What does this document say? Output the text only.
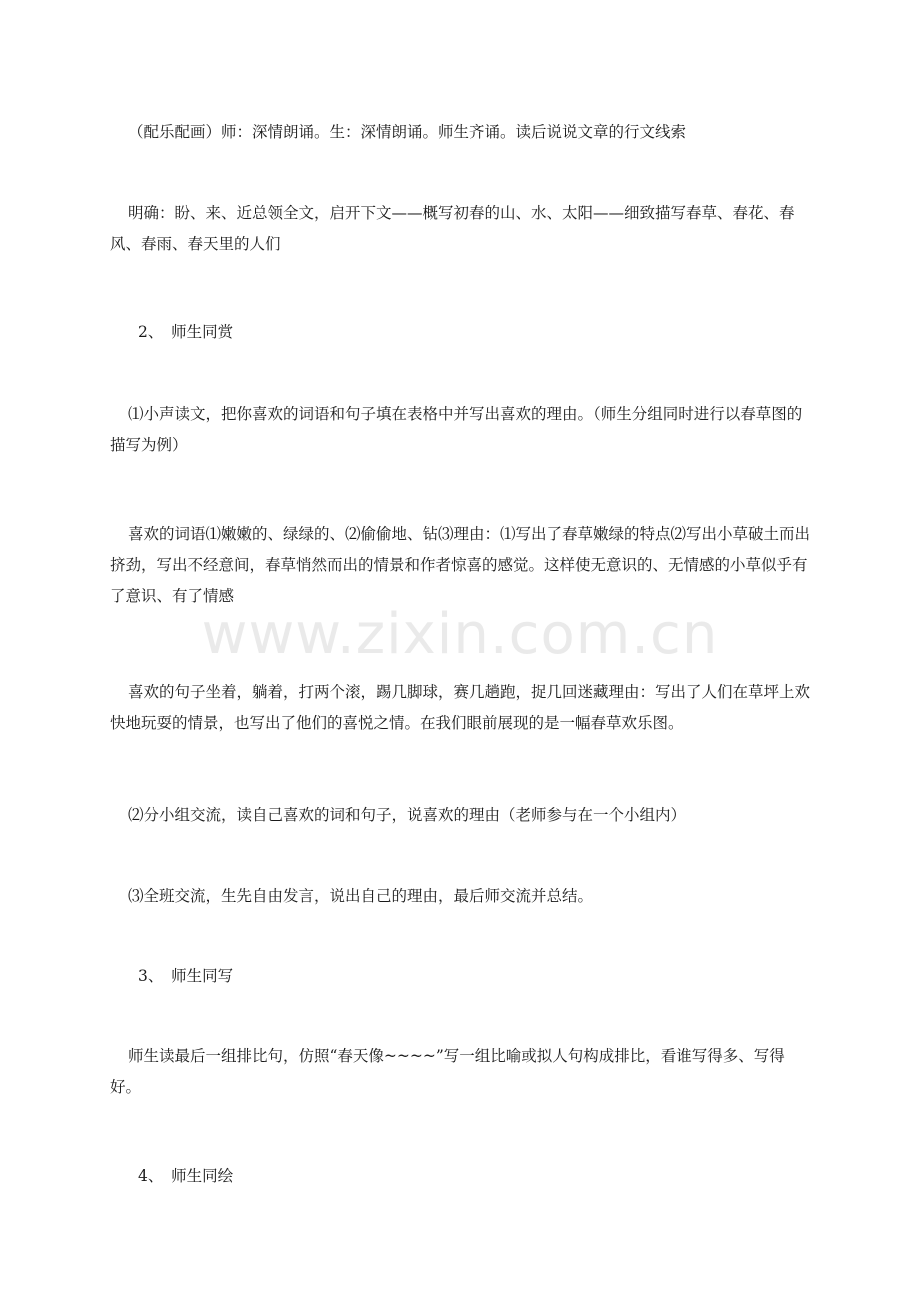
（配乐配画）师：深情朗诵。生：深情朗诵。师生齐诵。读后说说文章的行文线索

明确：盼、来、近总领全文，启开下文——概写初春的山、水、太阳——细致描写春草、春花、春风、春雨、春天里的人们

2、　师生同赏

⑴小声读文，把你喜欢的词语和句子填在表格中并写出喜欢的理由。（师生分组同时进行以春草图的描写为例）

喜欢的词语⑴嫩嫩的、绿绿的、⑵偷偷地、钻⑶理由：⑴写出了春草嫩绿的特点⑵写出小草破土而出挤劲，写出不经意间，春草悄然而出的情景和作者惊喜的感觉。这样使无意识的、无情感的小草似乎有了意识、有了情感

喜欢的句子坐着，躺着，打两个滚，踢几脚球，赛几趟跑，捉几回迷藏理由：写出了人们在草坪上欢快地玩耍的情景，也写出了他们的喜悦之情。在我们眼前展现的是一幅春草欢乐图。

⑵分小组交流，读自己喜欢的词和句子，说喜欢的理由（老师参与在一个小组内）

⑶全班交流，生先自由发言，说出自己的理由，最后师交流并总结。

3、　师生同写

师生读最后一组排比句，仿照“春天像~~~~”写一组比喻或拟人句构成排比，看谁写得多、写得好。

4、　师生同绘

www.zixin.com.cn
